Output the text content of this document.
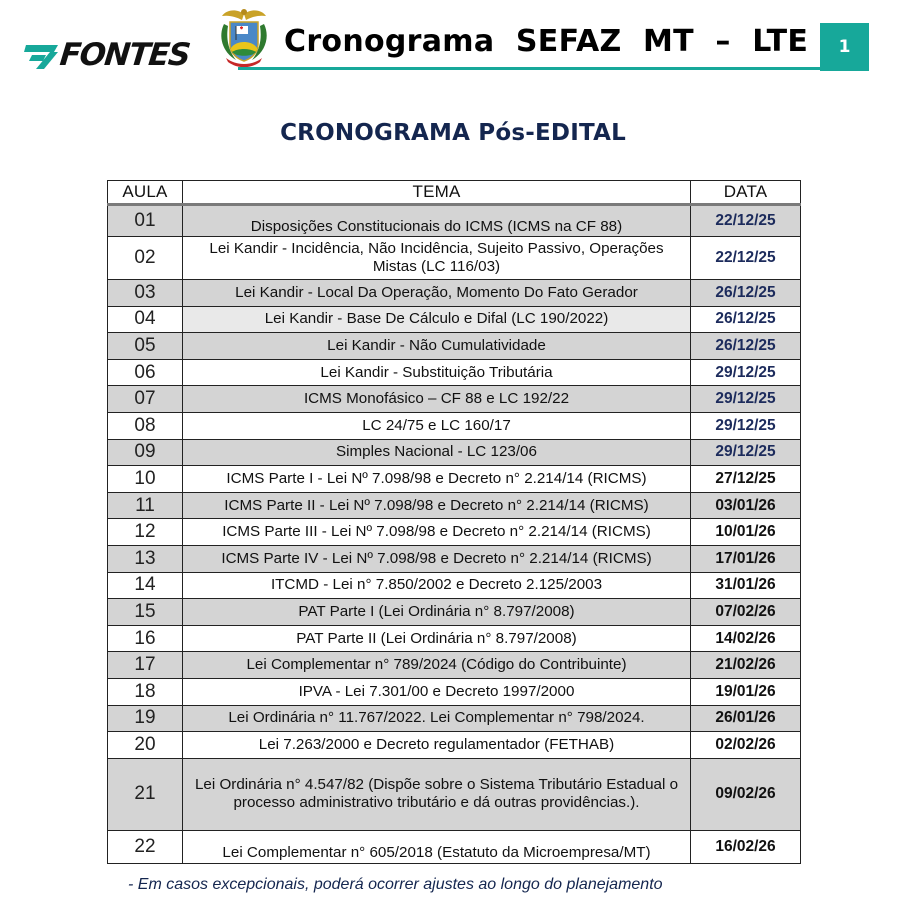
FONTES	Cronograma  SEFAZ  MT  –  LTE	1
CRONOGRAMA Pós-EDITAL
AULA	TEMA	DATA
01	Disposições Constitucionais do ICMS (ICMS na CF 88)	22/12/25
02	Lei Kandir - Incidência, Não Incidência, Sujeito Passivo, Operações Mistas (LC 116/03)	22/12/25
03	Lei Kandir - Local Da Operação, Momento Do Fato Gerador	26/12/25
04	Lei Kandir - Base De Cálculo e Difal (LC 190/2022)	26/12/25
05	Lei Kandir - Não Cumulatividade	26/12/25
06	Lei Kandir - Substituição Tributária	29/12/25
07	ICMS Monofásico – CF 88 e LC 192/22	29/12/25
08	LC 24/75 e LC 160/17	29/12/25
09	Simples Nacional - LC 123/06	29/12/25
10	ICMS Parte I - Lei Nº 7.098/98 e Decreto n° 2.214/14 (RICMS)	27/12/25
11	ICMS Parte II - Lei Nº 7.098/98 e Decreto n° 2.214/14 (RICMS)	03/01/26
12	ICMS Parte III - Lei Nº 7.098/98 e Decreto n° 2.214/14 (RICMS)	10/01/26
13	ICMS Parte IV - Lei Nº 7.098/98 e Decreto n° 2.214/14 (RICMS)	17/01/26
14	ITCMD - Lei n° 7.850/2002 e Decreto 2.125/2003	31/01/26
15	PAT Parte I (Lei Ordinária n° 8.797/2008)	07/02/26
16	PAT Parte II (Lei Ordinária n° 8.797/2008)	14/02/26
17	Lei Complementar n° 789/2024 (Código do Contribuinte)	21/02/26
18	IPVA - Lei 7.301/00 e Decreto 1997/2000	19/01/26
19	Lei Ordinária n° 11.767/2022. Lei Complementar n° 798/2024.	26/01/26
20	Lei 7.263/2000 e Decreto regulamentador (FETHAB)	02/02/26
21	Lei Ordinária n° 4.547/82 (Dispõe sobre o Sistema Tributário Estadual o processo administrativo tributário e dá outras providências.).	09/02/26
22	Lei Complementar n° 605/2018 (Estatuto da Microempresa/MT)	16/02/26
- Em casos excepcionais, poderá ocorrer ajustes ao longo do planejamento
